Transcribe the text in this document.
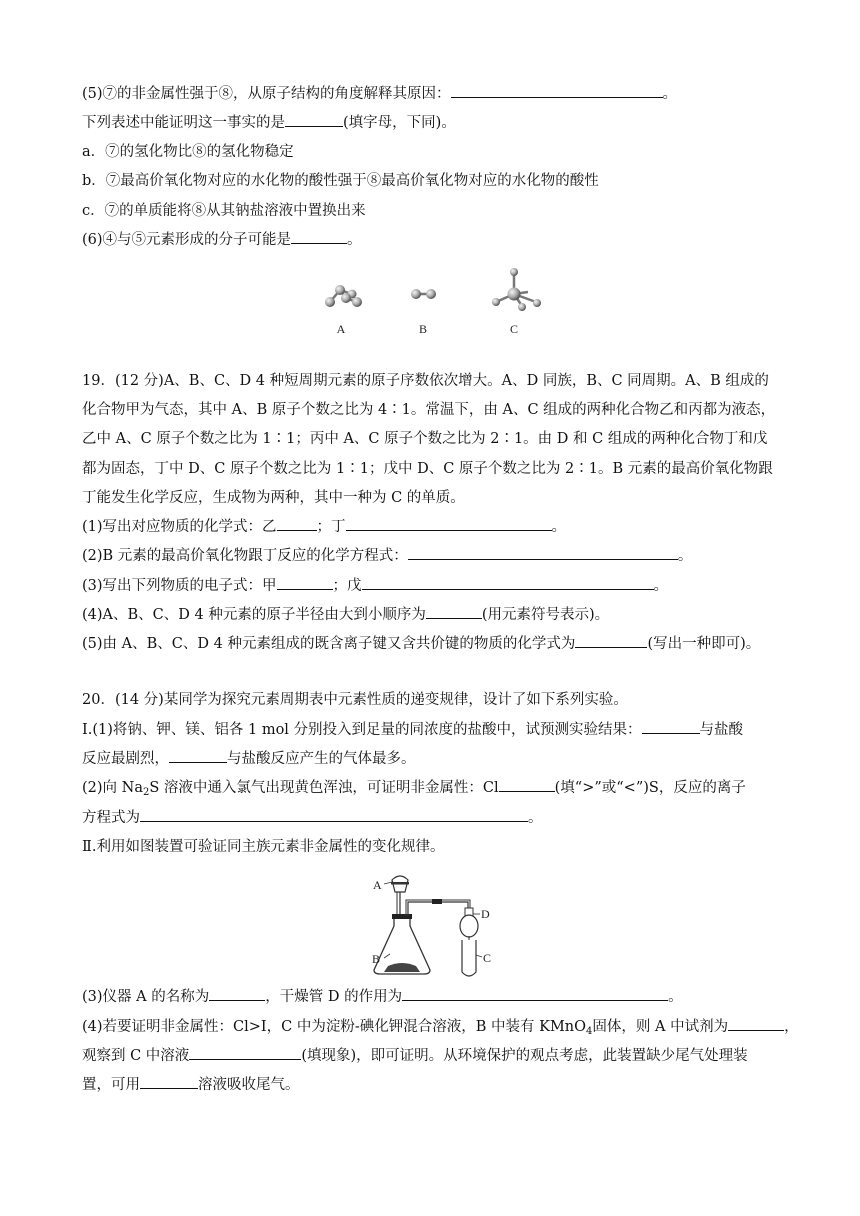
(5)⑦的非金属性强于⑧，从原子结构的角度解释其原因：	。
下列表述中能证明这一事实的是	(填字母，下同)。
a．⑦的氢化物比⑧的氢化物稳定
b．⑦最高价氧化物对应的水化物的酸性强于⑧最高价氧化物对应的水化物的酸性
c．⑦的单质能将⑧从其钠盐溶液中置换出来
(6)④与⑤元素形成的分子可能是	。
A	B	C
19．(12 分)A、B、C、D 4 种短周期元素的原子序数依次增大。A、D 同族，B、C 同周期。A、B 组成的
化合物甲为气态，其中 A、B 原子个数之比为 4∶1。常温下，由 A、C 组成的两种化合物乙和丙都为液态，
乙中 A、C 原子个数之比为 1∶1；丙中 A、C 原子个数之比为 2∶1。由 D 和 C 组成的两种化合物丁和戊
都为固态，丁中 D、C 原子个数之比为 1∶1；戊中 D、C 原子个数之比为 2∶1。B 元素的最高价氧化物跟
丁能发生化学反应，生成物为两种，其中一种为 C 的单质。
(1)写出对应物质的化学式：乙	；丁	。
(2)B 元素的最高价氧化物跟丁反应的化学方程式：	。
(3)写出下列物质的电子式：甲	；戊	。
(4)A、B、C、D 4 种元素的原子半径由大到小顺序为	(用元素符号表示)。
(5)由 A、B、C、D 4 种元素组成的既含离子键又含共价键的物质的化学式为	(写出一种即可)。
20．(14 分)某同学为探究元素周期表中元素性质的递变规律，设计了如下系列实验。
Ⅰ.(1)将钠、钾、镁、铝各 1 mol 分别投入到足量的同浓度的盐酸中，试预测实验结果：	与盐酸
反应最剧烈，	与盐酸反应产生的气体最多。
(2)向 $Na_2S$ 溶液中通入氯气出现黄色浑浊，可证明非金属性：Cl	(填“>”或“<”)S，反应的离子
方程式为	。
Ⅱ.利用如图装置可验证同主族元素非金属性的变化规律。
A
B
D
C
(3)仪器 A 的名称为	，干燥管 D 的作用为	。
(4)若要证明非金属性：Cl>I，C 中为淀粉-碘化钾混合溶液，B 中装有 KMnO$_4$固体，则 A 中试剂为	，
观察到 C 中溶液	(填现象)，即可证明。从环境保护的观点考虑，此装置缺少尾气处理装
置，可用	溶液吸收尾气。
